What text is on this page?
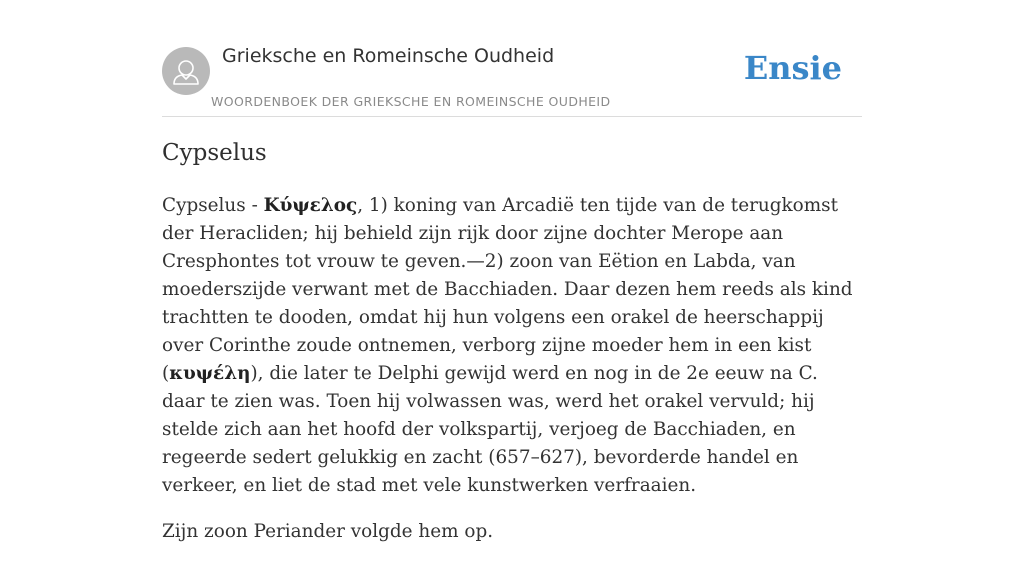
Grieksche en Romeinsche Oudheid
WOORDENBOEK DER GRIEKSCHE EN ROMEINSCHE OUDHEID
Ensie
Cypselus

Cypselus - Κύψελος, 1) koning van Arcadië ten tijde van de terugkomst der Heracliden; hij behield zijn rijk door zijne dochter Merope aan Cresphontes tot vrouw te geven.—2) zoon van Eëtion en Labda, van moederszijde verwant met de Bacchiaden. Daar dezen hem reeds als kind trachtten te dooden, omdat hij hun volgens een orakel de heerschappij over Corinthe zoude ontnemen, verborg zijne moeder hem in een kist (κυψέλη), die later te Delphi gewijd werd en nog in de 2e eeuw na C. daar te zien was. Toen hij volwassen was, werd het orakel vervuld; hij stelde zich aan het hoofd der volkspartij, verjoeg de Bacchiaden, en regeerde sedert gelukkig en zacht (657–627), bevorderde handel en verkeer, en liet de stad met vele kunstwerken verfraaien.

Zijn zoon Periander volgde hem op.
